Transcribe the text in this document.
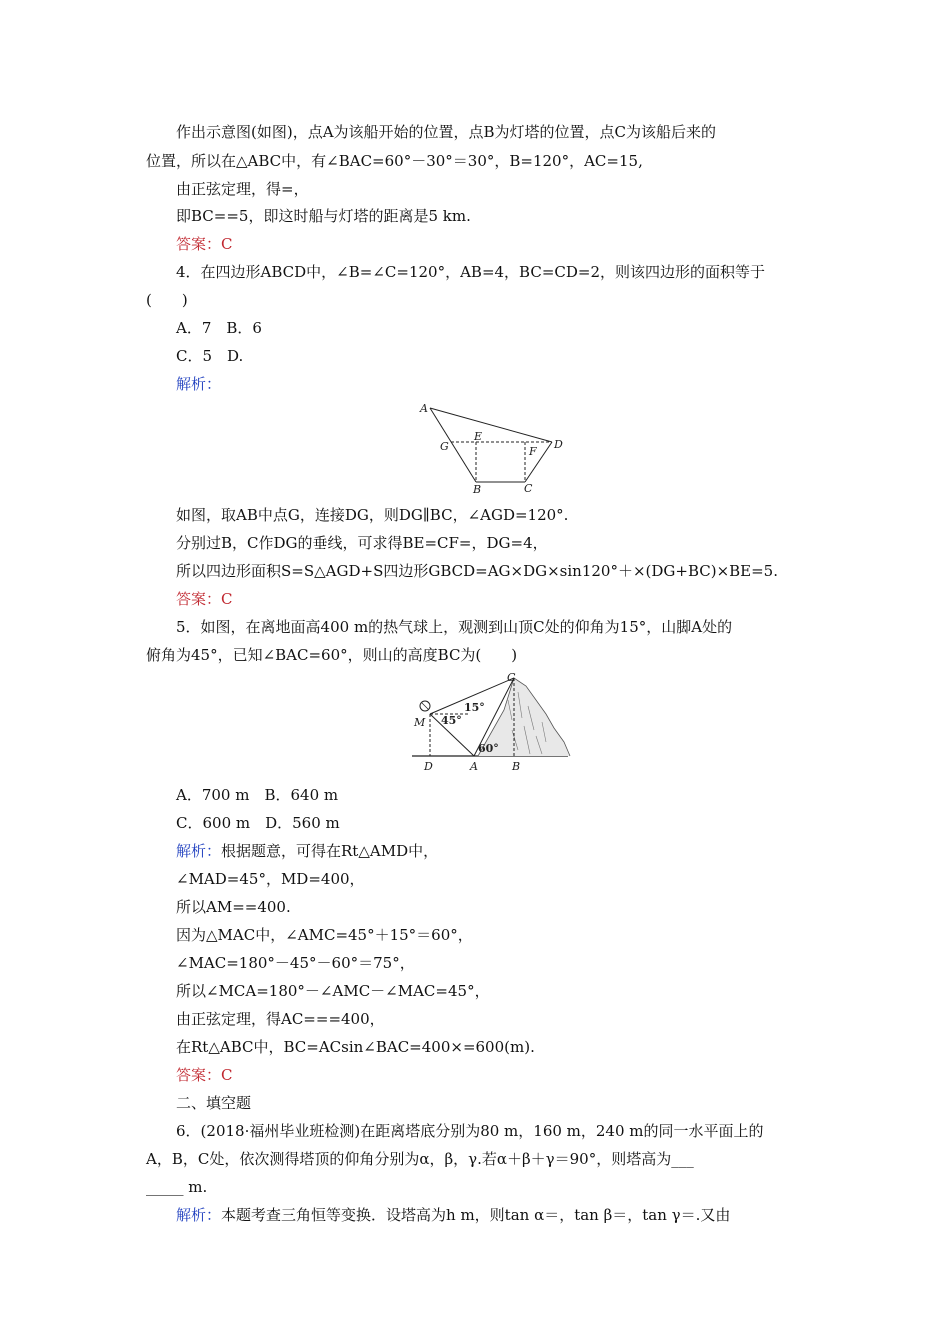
作出示意图(如图)，点A为该船开始的位置，点B为灯塔的位置，点C为该船后来的
位置，所以在△ABC中，有∠BAC=60°－30°＝30°，B=120°，AC=15,
由正弦定理，得=，
即BC==5，即这时船与灯塔的距离是5 km.
答案：C
4．在四边形ABCD中，∠B=∠C=120°，AB=4，BC=CD=2，则该四边形的面积等于
(　　)
A．7　B．6
C．5　D.
解析：
A
G
E
D
F
B	C
如图，取AB中点G，连接DG，则DG∥BC，∠AGD=120°.
分别过B，C作DG的垂线，可求得BE=CF=，DG=4，
所以四边形面积S=S△AGD+S四边形GBCD=AG×DG×sin120°＋×(DG+BC)×BE=5.
答案：C
5．如图，在离地面高400 m的热气球上，观测到山顶C处的仰角为15°，山脚A处的
俯角为45°，已知∠BAC=60°，则山的高度BC为(　　)
C
M
D	A	B
15°
45°
60°
A．700 m　B．640 m
C．600 m　D．560 m
解析：根据题意，可得在Rt△AMD中，
∠MAD=45°，MD=400，
所以AM==400.
因为△MAC中，∠AMC=45°＋15°＝60°，
∠MAC=180°－45°－60°＝75°，
所以∠MCA=180°－∠AMC－∠MAC=45°，
由正弦定理，得AC===400，
在Rt△ABC中，BC=ACsin∠BAC=400×=600(m).
答案：C
二、填空题
6．(2018·福州毕业班检测)在距离塔底分别为80 m，160 m，240 m的同一水平面上的
A，B，C处，依次测得塔顶的仰角分别为α，β，γ.若α＋β＋γ＝90°，则塔高为___
_____ m.
解析：本题考查三角恒等变换．设塔高为h m，则tan α＝，tan β＝，tan γ＝.又由
